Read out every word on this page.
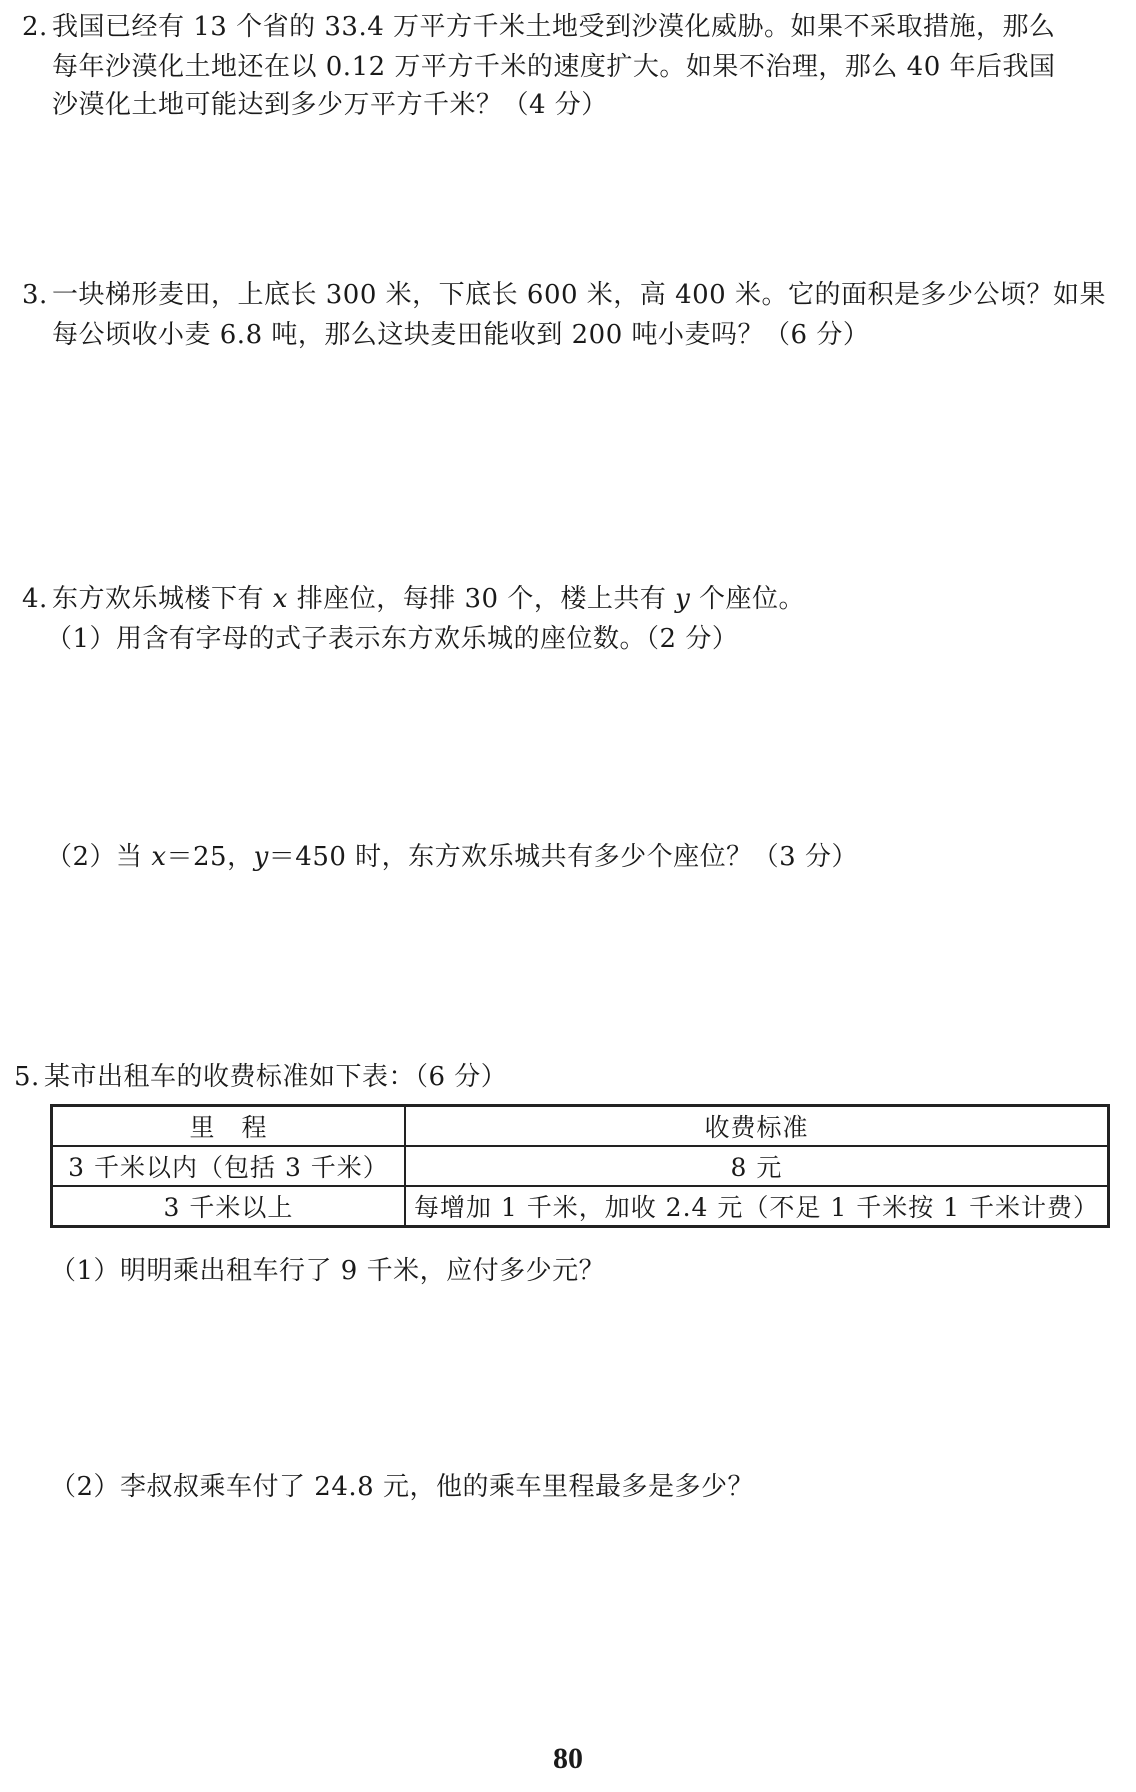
2. 我国已经有 13 个省的 33.4 万平方千米土地受到沙漠化威胁。如果不采取措施，那么
每年沙漠化土地还在以 0.12 万平方千米的速度扩大。如果不治理，那么 40 年后我国
沙漠化土地可能达到多少万平方千米？（4 分）
3. 一块梯形麦田，上底长 300 米，下底长 600 米，高 400 米。它的面积是多少公顷？如果
每公顷收小麦 6.8 吨，那么这块麦田能收到 200 吨小麦吗？（6 分）
4. 东方欢乐城楼下有 x 排座位，每排 30 个，楼上共有 y 个座位。
（1）用含有字母的式子表示东方欢乐城的座位数。（2 分）
（2）当 x＝25，y＝450 时，东方欢乐城共有多少个座位？（3 分）
5. 某市出租车的收费标准如下表：（6 分）
里　程	收费标准
3 千米以内（包括 3 千米）	8 元
3 千米以上	每增加 1 千米，加收 2.4 元（不足 1 千米按 1 千米计费）
（1）明明乘出租车行了 9 千米，应付多少元？
（2）李叔叔乘车付了 24.8 元，他的乘车里程最多是多少？
80
